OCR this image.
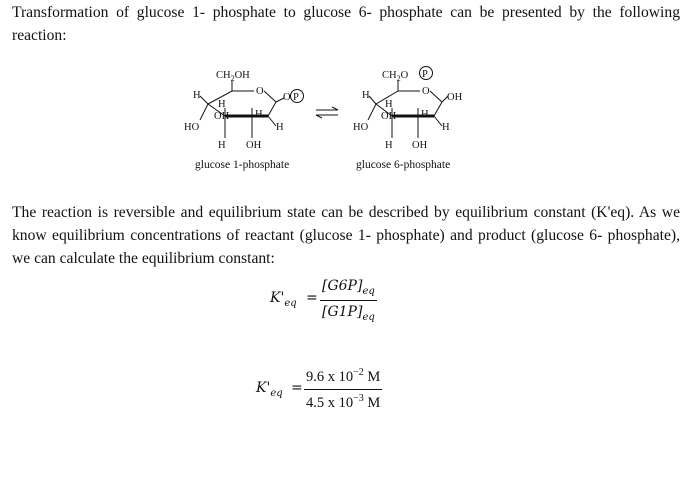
Transformation of glucose 1- phosphate to glucose 6- phosphate can be presented by the following reaction:

$CH_2OH$
O
H
HO
H
OH
H
H
H
OH
O P
glucose 1-phosphate
$CH_2O$ P
O
OH
H
HO
H
OH
H
H
H
OH
glucose 6-phosphate

The reaction is reversible and equilibrium state can be described by equilibrium constant (K'eq). As we know equilibrium concentrations of reactant (glucose 1- phosphate) and product (glucose 6- phosphate), we can calculate the equilibrium constant:

$K'_{eq} = \frac{[G6P]_{eq}}{[G1P]_{eq}}$
$K'_{eq} = \frac{9.6 x 10^{-2} M}{4.5 x 10^{-3} M}$
